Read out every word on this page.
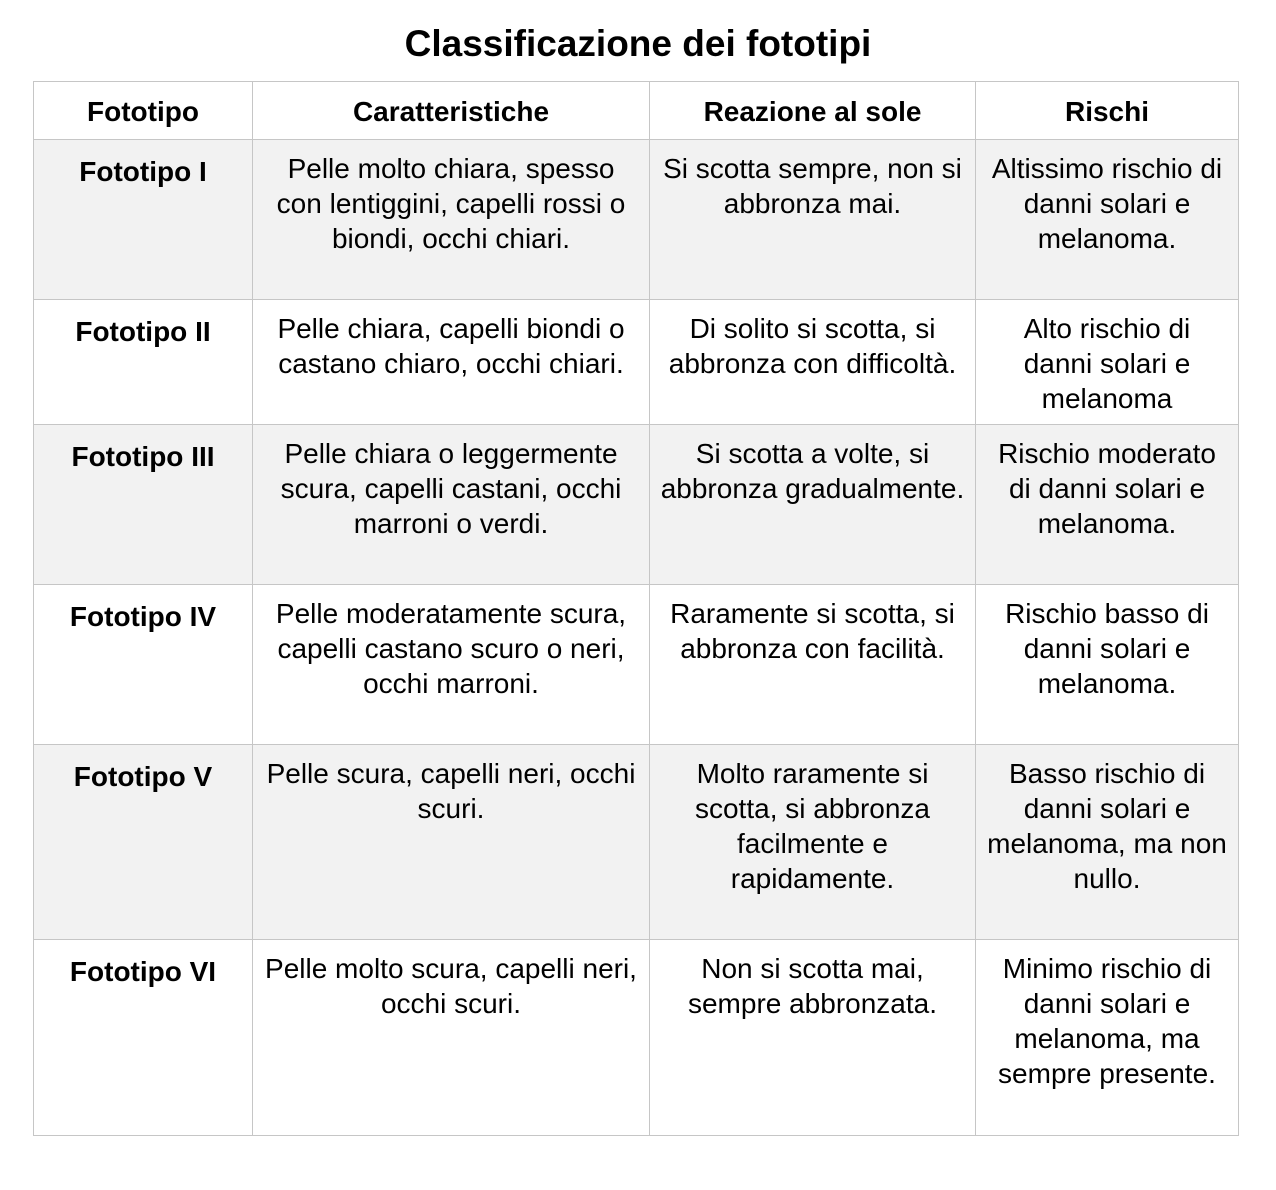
Classificazione dei fototipi
Fototipo	Caratteristiche	Reazione al sole	Rischi
Fototipo I	Pelle molto chiara, spesso con lentiggini, capelli rossi o biondi, occhi chiari.	Si scotta sempre, non si abbronza mai.	Altissimo rischio di danni solari e melanoma.
Fototipo II	Pelle chiara, capelli biondi o castano chiaro, occhi chiari.	Di solito si scotta, si abbronza con difficoltà.	Alto rischio di danni solari e melanoma
Fototipo III	Pelle chiara o leggermente scura, capelli castani, occhi marroni o verdi.	Si scotta a volte, si abbronza gradualmente.	Rischio moderato di danni solari e melanoma.
Fototipo IV	Pelle moderatamente scura, capelli castano scuro o neri, occhi marroni.	Raramente si scotta, si abbronza con facilità.	Rischio basso di danni solari e melanoma.
Fototipo V	Pelle scura, capelli neri, occhi scuri.	Molto raramente si scotta, si abbronza facilmente e rapidamente.	Basso rischio di danni solari e melanoma, ma non nullo.
Fototipo VI	Pelle molto scura, capelli neri, occhi scuri.	Non si scotta mai, sempre abbronzata.	Minimo rischio di danni solari e melanoma, ma sempre presente.
